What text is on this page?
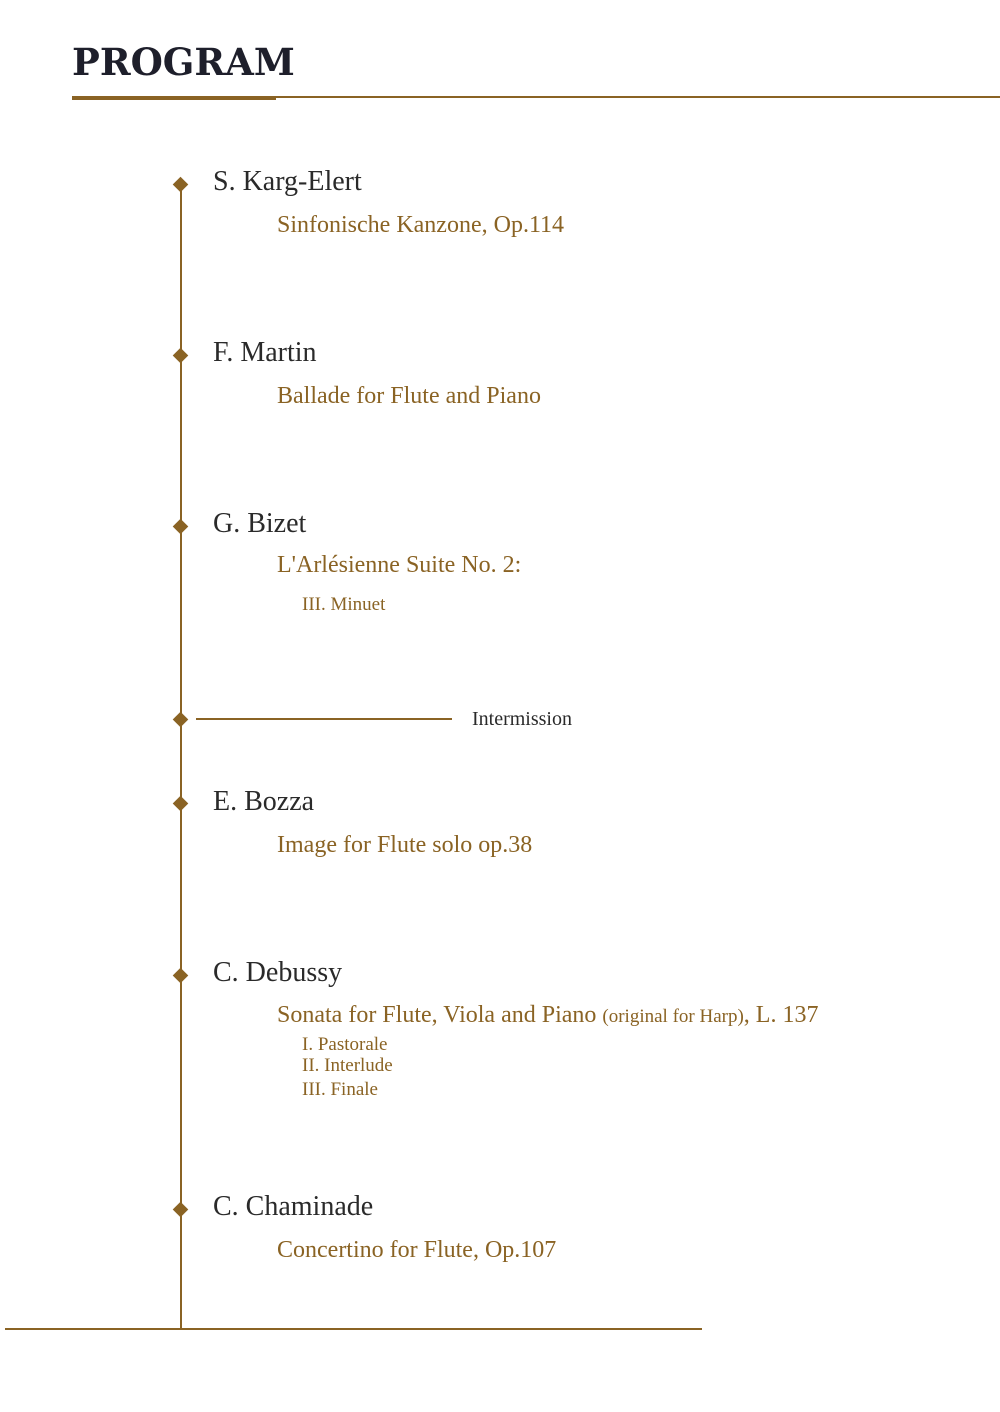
PROGRAM
S. Karg-Elert
Sinfonische Kanzone, Op.114
F. Martin
Ballade for Flute and Piano
G. Bizet
L'Arlésienne Suite No. 2:
III. Minuet
Intermission
E. Bozza
Image for Flute solo op.38
C. Debussy
Sonata for Flute, Viola and Piano (original for Harp), L. 137
I. Pastorale
II. Interlude
III. Finale
C. Chaminade
Concertino for Flute, Op.107
